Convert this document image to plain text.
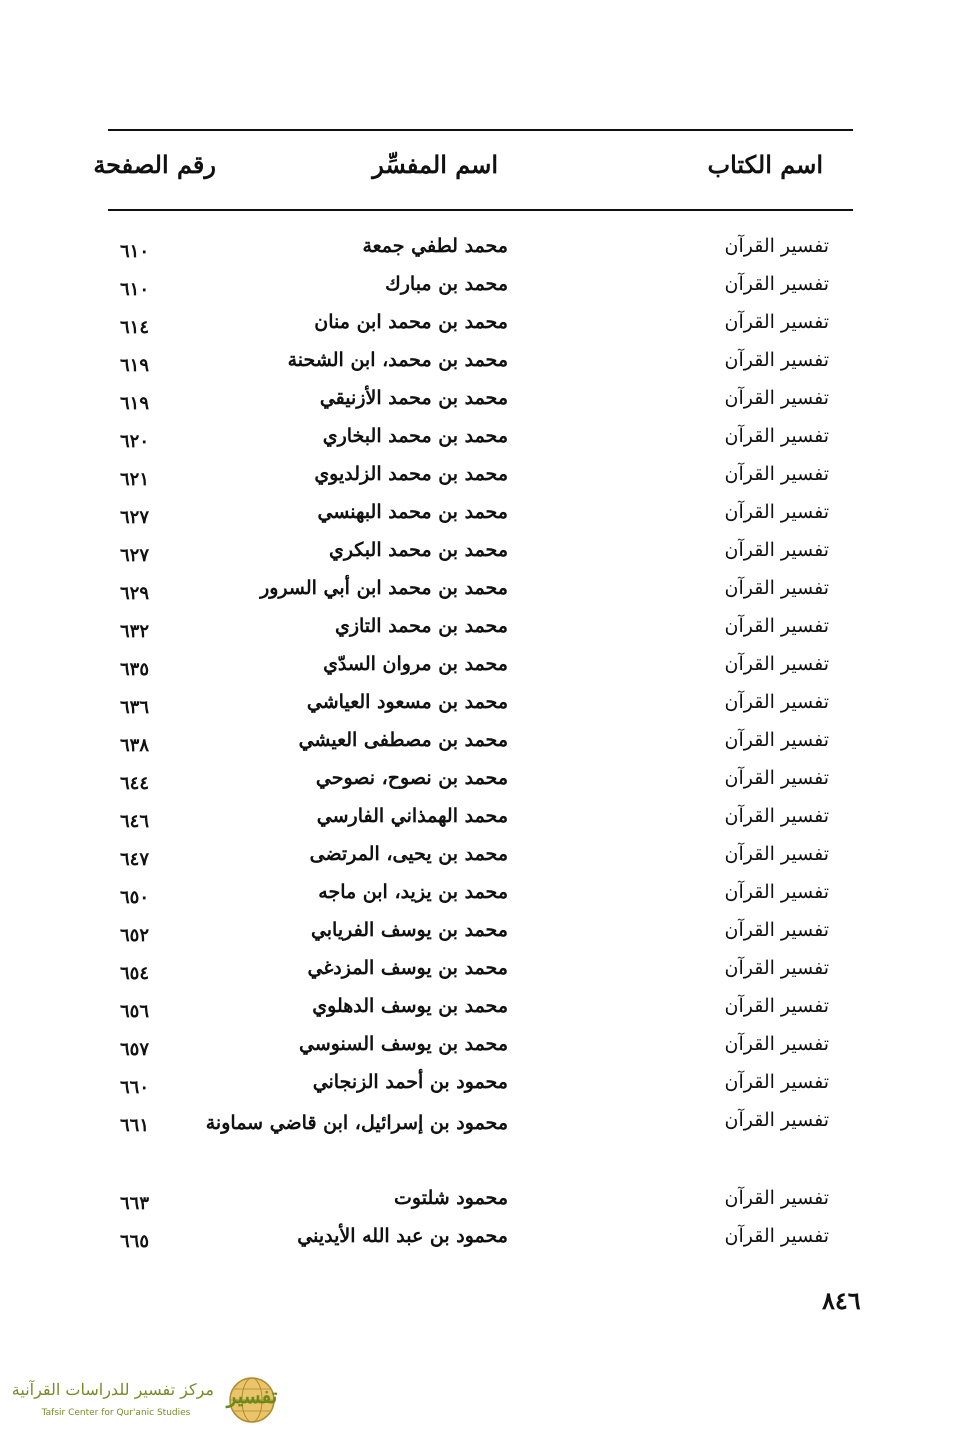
اسم الكتاب
اسم المفسِّر
رقم الصفحة
تفسير القرآن
محمد لطفي جمعة
٦١٠
تفسير القرآن
محمد بن مبارك
٦١٠
تفسير القرآن
محمد بن محمد ابن منان
٦١٤
تفسير القرآن
محمد بن محمد، ابن الشحنة
٦١٩
تفسير القرآن
محمد بن محمد الأزنيقي
٦١٩
تفسير القرآن
محمد بن محمد البخاري
٦٢٠
تفسير القرآن
محمد بن محمد الزلديوي
٦٢١
تفسير القرآن
محمد بن محمد البهنسي
٦٢٧
تفسير القرآن
محمد بن محمد البكري
٦٢٧
تفسير القرآن
محمد بن محمد ابن أبي السرور
٦٢٩
تفسير القرآن
محمد بن محمد التازي
٦٣٢
تفسير القرآن
محمد بن مروان السدّي
٦٣٥
تفسير القرآن
محمد بن مسعود العياشي
٦٣٦
تفسير القرآن
محمد بن مصطفى العيشي
٦٣٨
تفسير القرآن
محمد بن نصوح، نصوحي
٦٤٤
تفسير القرآن
محمد الهمذاني الفارسي
٦٤٦
تفسير القرآن
محمد بن يحيى، المرتضى
٦٤٧
تفسير القرآن
محمد بن يزيد، ابن ماجه
٦٥٠
تفسير القرآن
محمد بن يوسف الفريابي
٦٥٢
تفسير القرآن
محمد بن يوسف المزدغي
٦٥٤
تفسير القرآن
محمد بن يوسف الدهلوي
٦٥٦
تفسير القرآن
محمد بن يوسف السنوسي
٦٥٧
تفسير القرآن
محمود بن أحمد الزنجاني
٦٦٠
تفسير القرآن
محمود بن إسرائيل، ابن قاضي سماونة
٦٦١
تفسير القرآن
محمود شلتوت
٦٦٣
تفسير القرآن
محمود بن عبد الله الأيديني
٦٦٥
٨٤٦
مركز تفسير للدراسات القرآنية
Tafsir Center for Qur'anic Studies
تفسير
